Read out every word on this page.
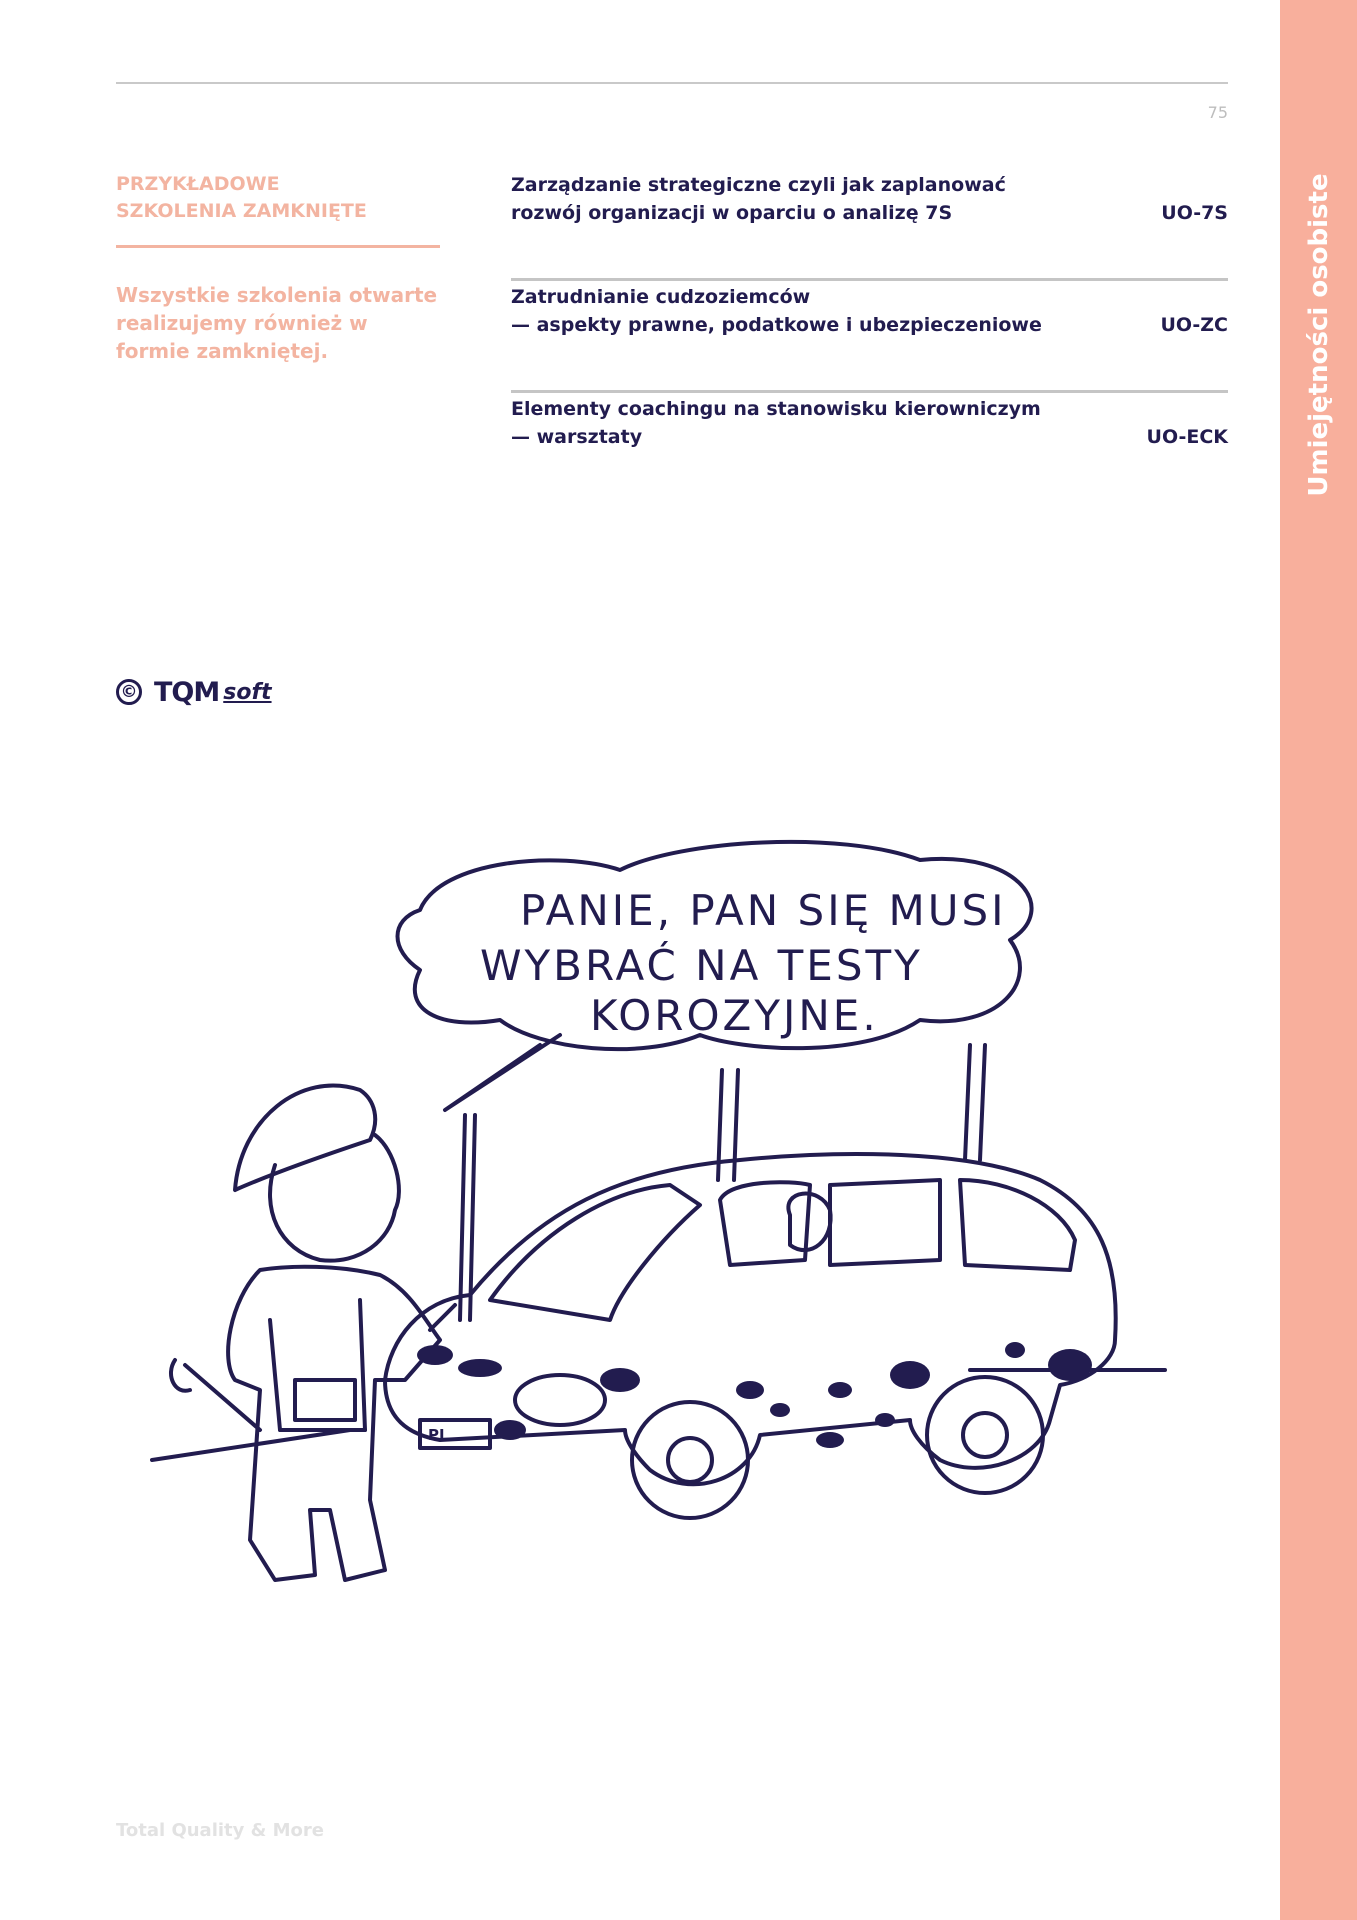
75
PRZYKŁADOWE
SZKOLENIA ZAMKNIĘTE
Wszystkie szkolenia otwarte realizujemy również w formie zamkniętej.
Zarządzanie strategiczne czyli jak zaplanować
rozwój organizacji w oparciu o analizę 7S	UO-7S
Zatrudnianie cudzoziemców
— aspekty prawne, podatkowe i ubezpieczeniowe	UO-ZC
Elementy coachingu na stanowisku kierowniczym
— warsztaty	UO-ECK
© TQM soft
PANIE, PAN SIĘ MUSI
WYBRAĆ NA TESTY
KOROZYJNE.
PL
Total Quality & More
Umiejętności osobiste
